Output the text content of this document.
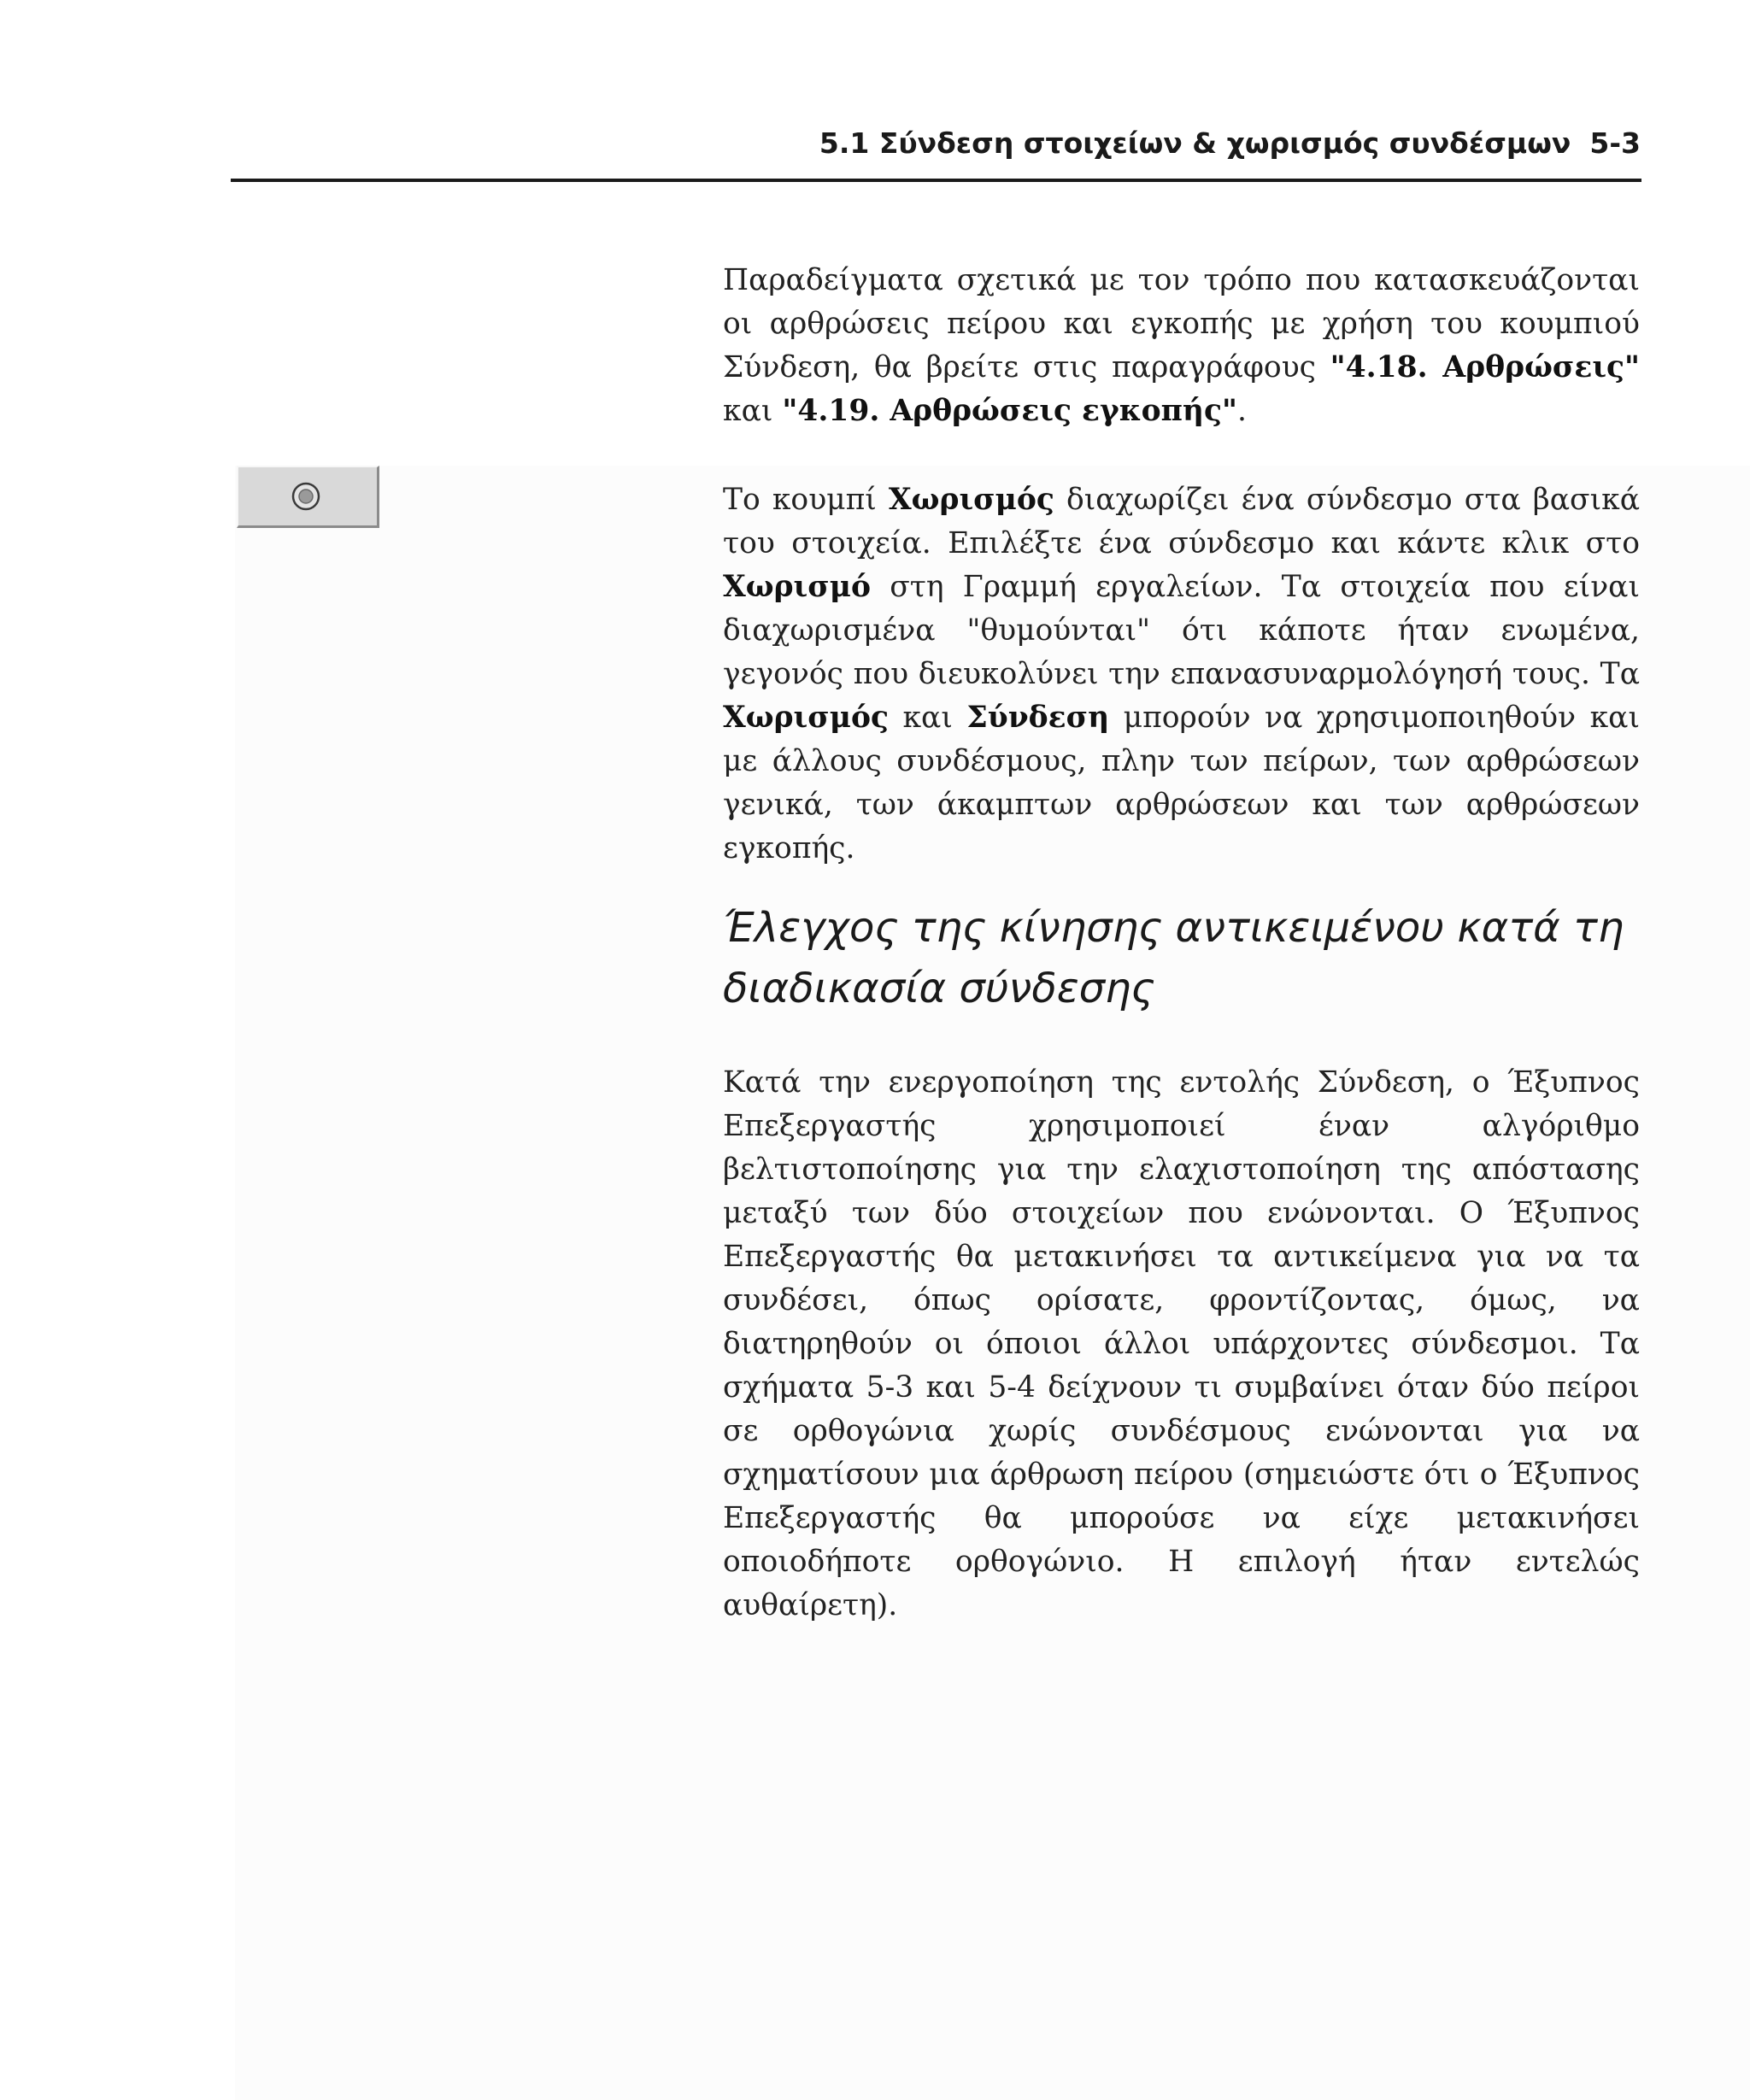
5.1 Σύνδεση στοιχείων & χωρισμός συνδέσμων 5-3

Παραδείγματα σχετικά με τον τρόπο που κατασκευάζονται οι αρθρώσεις πείρου και εγκοπής με χρήση του κουμπιού Σύνδεση, θα βρείτε στις παραγράφους "4.18. Αρθρώσεις" και "4.19. Αρθρώσεις εγκοπής".

Το κουμπί Χωρισμός διαχωρίζει ένα σύνδεσμο στα βασικά του στοιχεία. Επιλέξτε ένα σύνδεσμο και κάντε κλικ στο Χωρισμό στη Γραμμή εργαλείων. Τα στοιχεία που είναι διαχωρισμένα "θυμούνται" ότι κάποτε ήταν ενωμένα, γεγονός που διευκολύνει την επανασυναρμολόγησή τους. Τα Χωρισμός και Σύνδεση μπορούν να χρησιμοποιηθούν και με άλλους συνδέσμους, πλην των πείρων, των αρθρώσεων γενικά, των άκαμπτων αρθρώσεων και των αρθρώσεων εγκοπής.

Έλεγχος της κίνησης αντικειμένου κατά τη διαδικασία σύνδεσης

Κατά την ενεργοποίηση της εντολής Σύνδεση, ο Έξυπνος Επεξεργαστής χρησιμοποιεί έναν αλγόριθμο βελτιστοποίησης για την ελαχιστοποίηση της απόστασης μεταξύ των δύο στοιχείων που ενώνονται. Ο Έξυπνος Επεξεργαστής θα μετακινήσει τα αντικείμενα για να τα συνδέσει, όπως ορίσατε, φροντίζοντας, όμως, να διατηρηθούν οι όποιοι άλλοι υπάρχοντες σύνδεσμοι. Τα σχήματα 5-3 και 5-4 δείχνουν τι συμβαίνει όταν δύο πείροι σε ορθογώνια χωρίς συνδέσμους ενώνονται για να σχηματίσουν μια άρθρωση πείρου (σημειώστε ότι ο Έξυπνος Επεξεργαστής θα μπορούσε να είχε μετακινήσει οποιοδήποτε ορθογώνιο. Η επιλογή ήταν εντελώς αυθαίρετη).
